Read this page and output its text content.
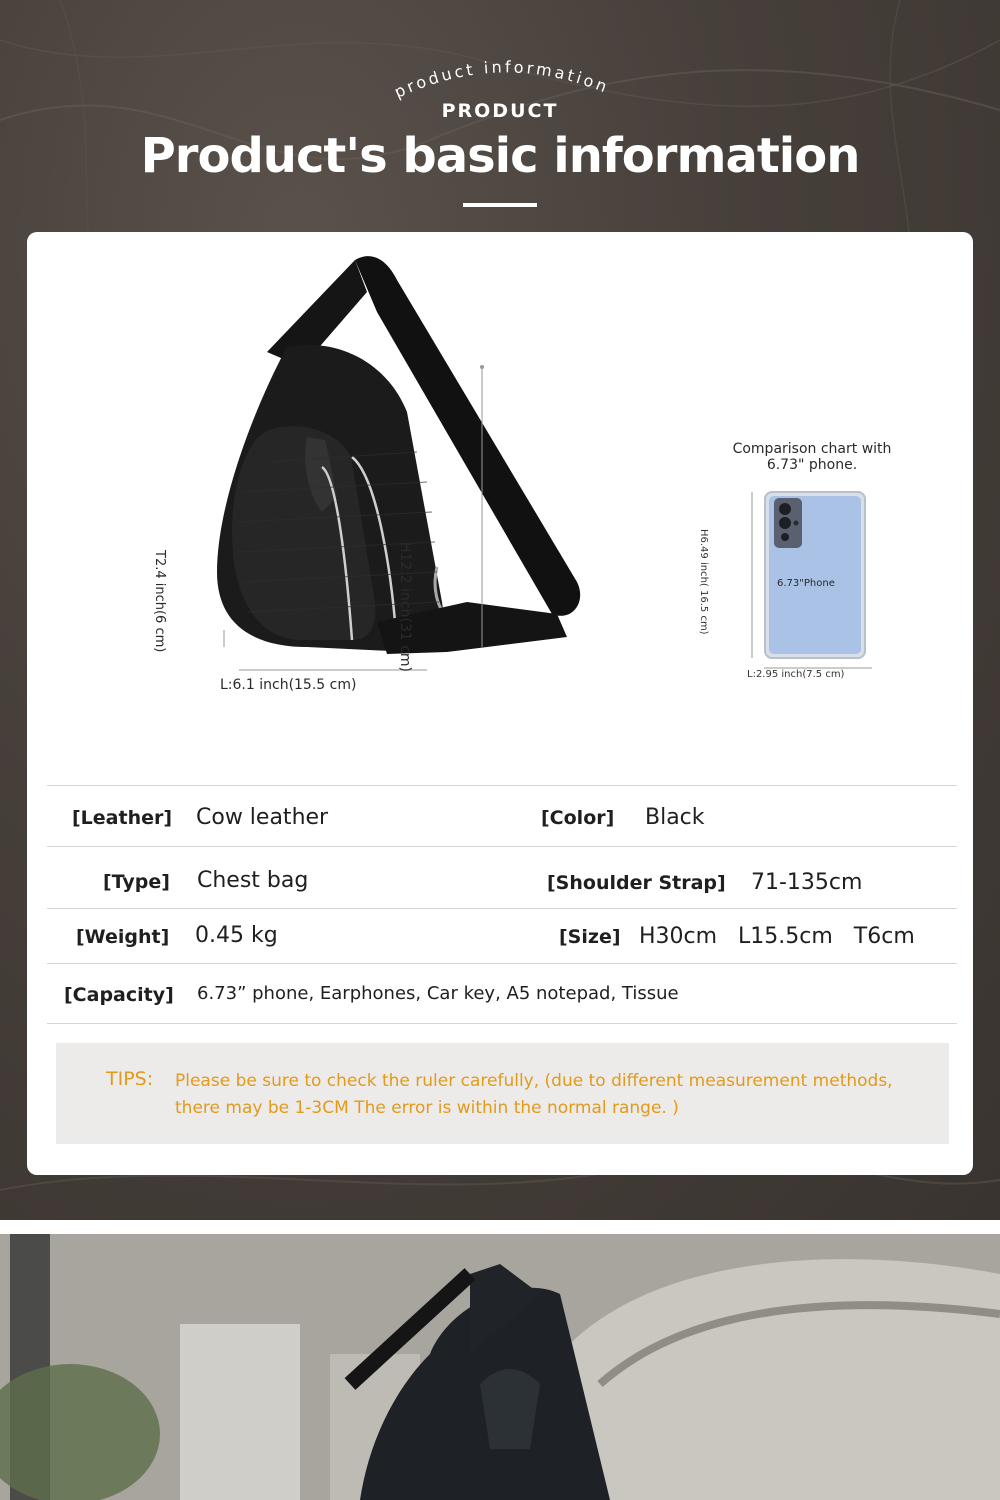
product information
PRODUCT
Product's basic information
L:6.1 inch(15.5 cm)
H12.2 inch(31 cm)
T2.4 inch(6 cm)
Comparison chart with
6.73" phone.
6.73"Phone
H6.49 inch( 16.5 cm)
L:2.95 inch(7.5 cm)
[Leather] Cow leather	[Color] Black
[Type] Chest bag	[Shoulder Strap] 71-135cm
[Weight] 0.45 kg	[Size] H30cm   L15.5cm   T6cm
[Capacity] 6.73” phone, Earphones, Car key, A5 notepad, Tissue
TIPS: Please be sure to check the ruler carefully, (due to different measurement methods, there may be 1-3CM The error is within the normal range. )
